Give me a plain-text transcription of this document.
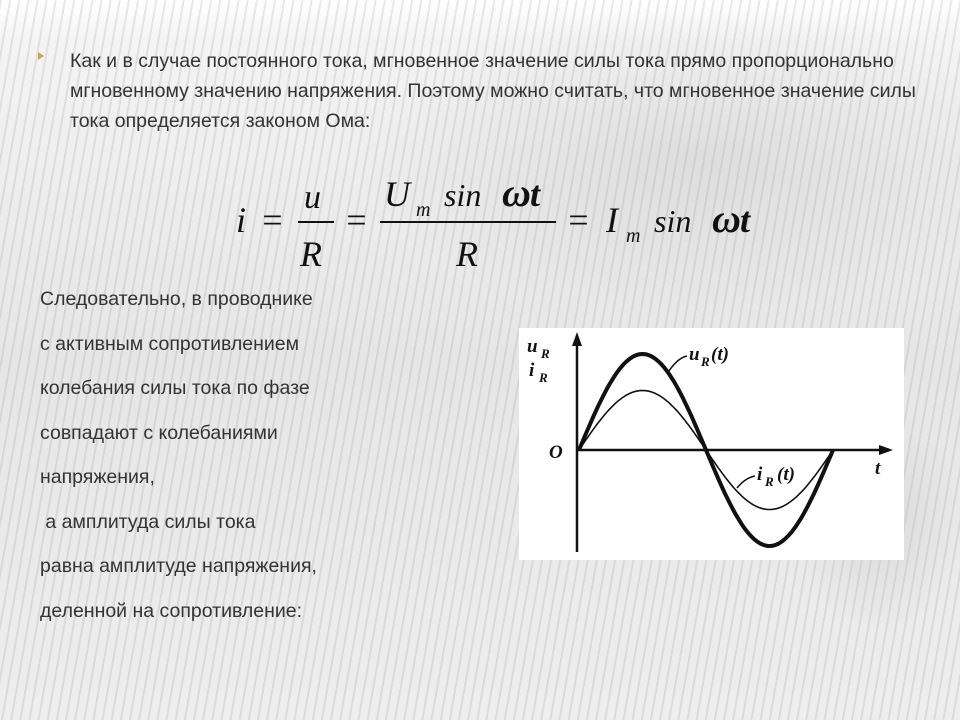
Как и в случае постоянного тока, мгновенное значение силы тока прямо пропорционально мгновенному значению напряжения. Поэтому можно считать, что мгновенное значение силы тока определяется законом Ома:
i =
u
R
=
U m sin ω t
R
= I m sin ω t
Следовательно, в проводнике
с активным сопротивлением
колебания силы тока по фазе
совпадают с колебаниями
напряжения,
а амплитуда силы тока
равна амплитуде напряжения,
деленной на сопротивление:
u R
i R
O
t
u R (t)
i R (t)
